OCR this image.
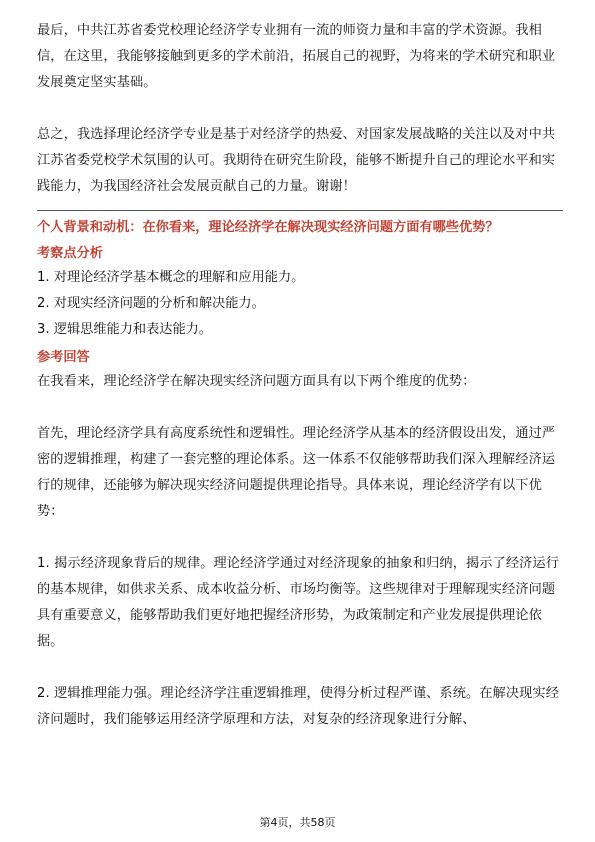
最后，中共江苏省委党校理论经济学专业拥有一流的师资力量和丰富的学术资源。我相信，在这里，我能够接触到更多的学术前沿，拓展自己的视野，为将来的学术研究和职业发展奠定坚实基础。

总之，我选择理论经济学专业是基于对经济学的热爱、对国家发展战略的关注以及对中共江苏省委党校学术氛围的认可。我期待在研究生阶段，能够不断提升自己的理论水平和实践能力，为我国经济社会发展贡献自己的力量。谢谢！

个人背景和动机：在你看来，理论经济学在解决现实经济问题方面有哪些优势？

考察点分析

1. 对理论经济学基本概念的理解和应用能力。

2. 对现实经济问题的分析和解决能力。

3. 逻辑思维能力和表达能力。

参考回答

在我看来，理论经济学在解决现实经济问题方面具有以下两个维度的优势：

首先，理论经济学具有高度系统性和逻辑性。理论经济学从基本的经济假设出发，通过严密的逻辑推理，构建了一套完整的理论体系。这一体系不仅能够帮助我们深入理解经济运行的规律，还能够为解决现实经济问题提供理论指导。具体来说，理论经济学有以下优势：

1. 揭示经济现象背后的规律。理论经济学通过对经济现象的抽象和归纳，揭示了经济运行的基本规律，如供求关系、成本收益分析、市场均衡等。这些规律对于理解现实经济问题具有重要意义，能够帮助我们更好地把握经济形势，为政策制定和产业发展提供理论依据。

2. 逻辑推理能力强。理论经济学注重逻辑推理，使得分析过程严谨、系统。在解决现实经济问题时，我们能够运用经济学原理和方法，对复杂的经济现象进行分解、

第4页，共58页
